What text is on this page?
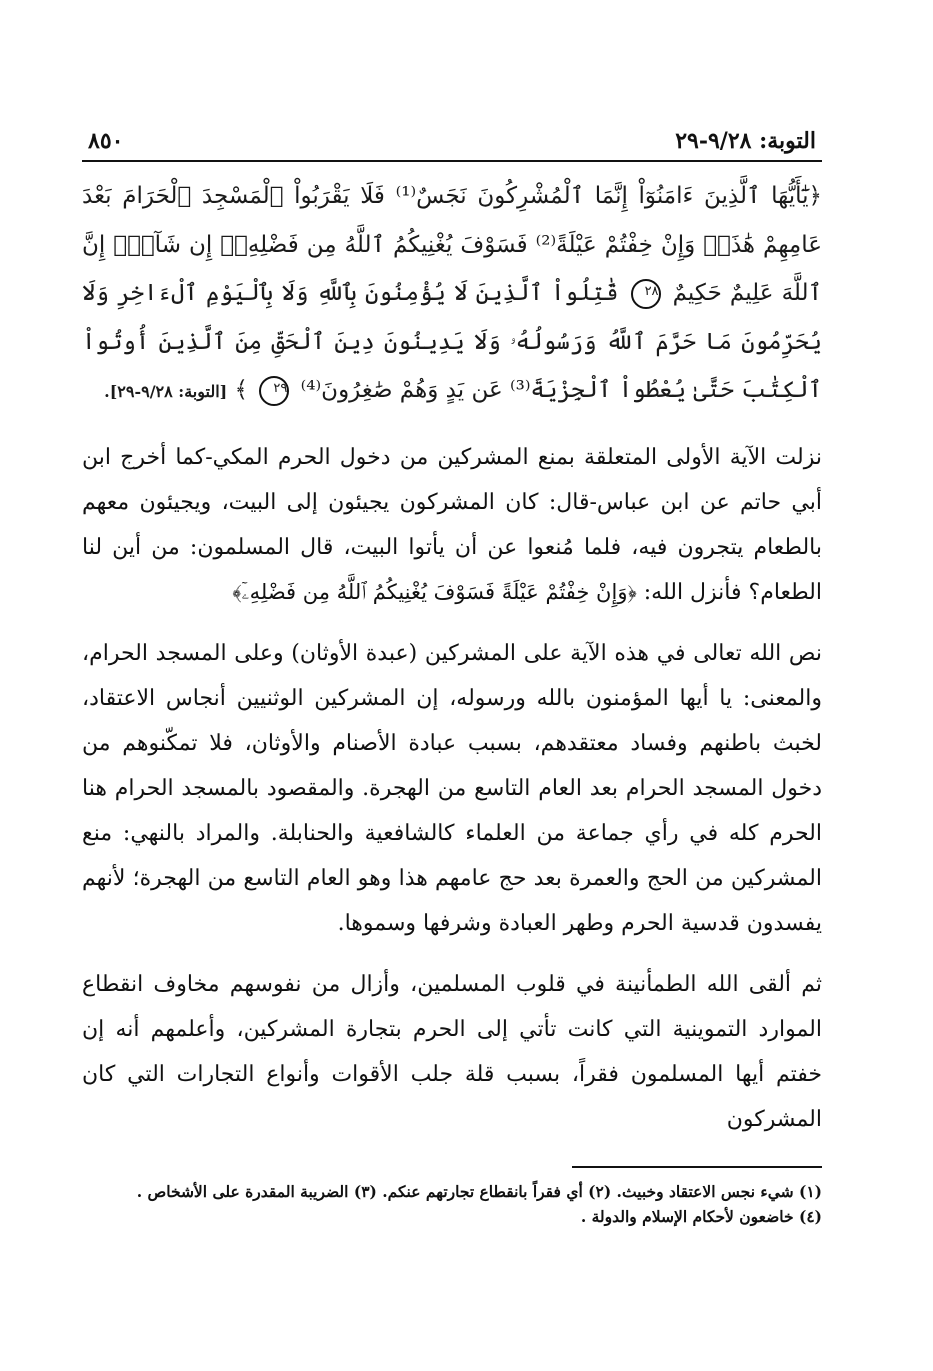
التوبة: ٩/٢٨-٢٩
٨٥٠
﴿يَٰٓأَيُّهَا ٱلَّذِينَ ءَامَنُوٓاْ إِنَّمَا ٱلْمُشْرِكُونَ نَجَسٌ⁽¹⁾ فَلَا يَقْرَبُواْ ٱلْمَسْجِدَ ٱلْحَرَامَ بَعْدَ عَامِهِمْ هَٰذَاۚ وَإِنْ خِفْتُمْ عَيْلَةً⁽²⁾ فَسَوْفَ يُغْنِيكُمُ ٱللَّهُ مِن فَضْلِهِۦٓ إِن شَآءَۚ إِنَّ ٱللَّهَ عَلِيمٌ حَكِيمٌ ٢٨ قَٰتِلُواْ ٱلَّذِينَ لَا يُؤْمِنُونَ بِٱللَّهِ وَلَا بِٱلْيَوْمِ ٱلْءَاخِرِ وَلَا يُحَرِّمُونَ مَا حَرَّمَ ٱللَّهُ وَرَسُولُهُۥ وَلَا يَدِينُونَ دِينَ ٱلْحَقِّ مِنَ ٱلَّذِينَ أُوتُواْ ٱلْكِتَٰبَ حَتَّىٰ يُعْطُواْ ٱلْجِزْيَةَ⁽³⁾ عَن يَدٍ وَهُمْ صَٰغِرُونَ⁽⁴⁾ ٢٩ ﴾ [التوبة: ٩/٢٨-٢٩].
نزلت الآية الأولى المتعلقة بمنع المشركين من دخول الحرم المكي-كما أخرج ابن أبي حاتم عن ابن عباس-قال: كان المشركون يجيئون إلى البيت، ويجيئون معهم بالطعام يتجرون فيه، فلما مُنعوا عن أن يأتوا البيت، قال المسلمون: من أين لنا الطعام؟ فأنزل الله: ﴿وَإِنْ خِفْتُمْ عَيْلَةً فَسَوْفَ يُغْنِيكُمُ ٱللَّهُ مِن فَضْلِهِۦٓ﴾
نص الله تعالى في هذه الآية على المشركين (عبدة الأوثان) وعلى المسجد الحرام، والمعنى: يا أيها المؤمنون بالله ورسوله، إن المشركين الوثنيين أنجاس الاعتقاد، لخبث باطنهم وفساد معتقدهم، بسبب عبادة الأصنام والأوثان، فلا تمكّنوهم من دخول المسجد الحرام بعد العام التاسع من الهجرة. والمقصود بالمسجد الحرام هنا الحرم كله في رأي جماعة من العلماء كالشافعية والحنابلة. والمراد بالنهي: منع المشركين من الحج والعمرة بعد حج عامهم هذا وهو العام التاسع من الهجرة؛ لأنهم يفسدون قدسية الحرم وطهر العبادة وشرفها وسموها.
ثم ألقى الله الطمأنينة في قلوب المسلمين، وأزال من نفوسهم مخاوف انقطاع الموارد التموينية التي كانت تأتي إلى الحرم بتجارة المشركين، وأعلمهم أنه إن خفتم أيها المسلمون فقراً، بسبب قلة جلب الأقوات وأنواع التجارات التي كان المشركون
(١) شيء نجس الاعتقاد وخبيث. (٢) أي فقراً بانقطاع تجارتهم عنكم. (٣) الضريبة المقدرة على الأشخاص .
(٤) خاضعون لأحكام الإسلام والدولة .
